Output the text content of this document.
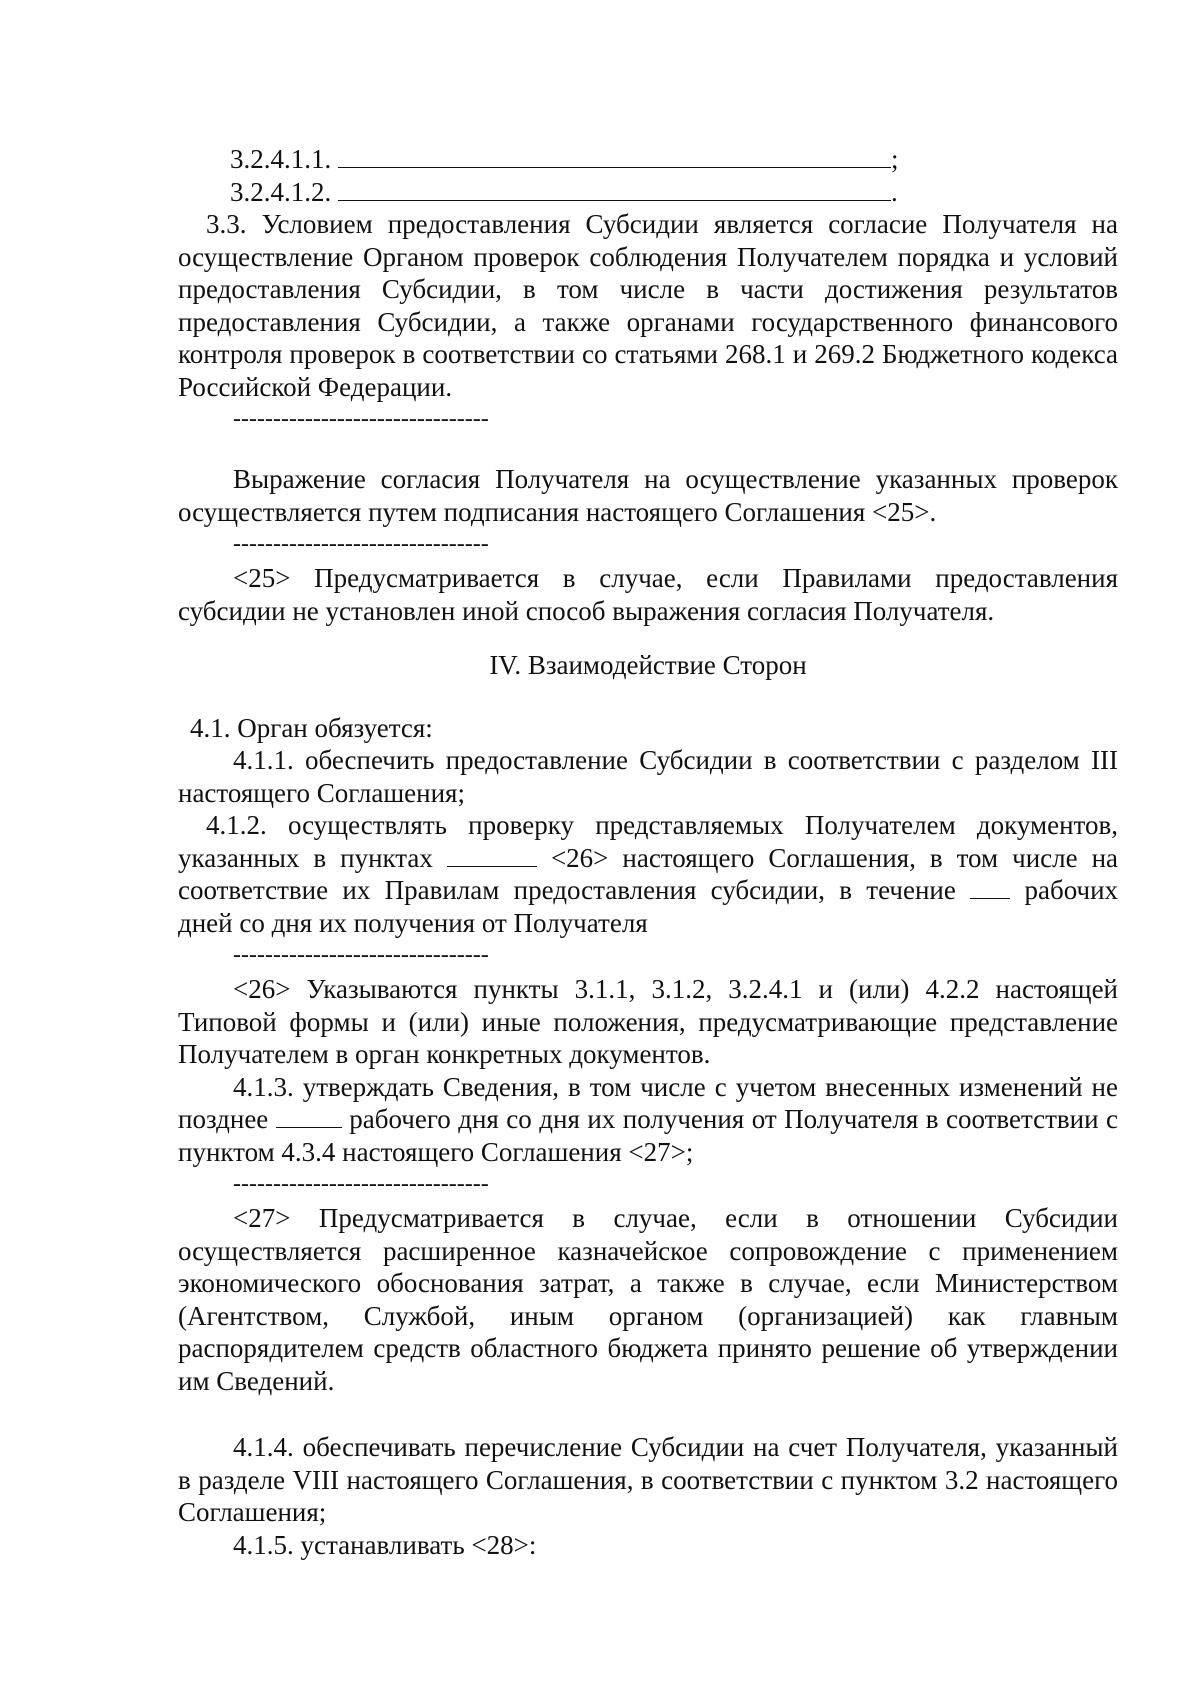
3.2.4.1.1.	;

3.2.4.1.2.	.

3.3. Условием предоставления Субсидии является согласие Получателя на осуществление Органом проверок соблюдения Получателем порядка и условий предоставления Субсидии, в том числе в части достижения результатов предоставления Субсидии, а также органами государственного финансового контроля проверок в соответствии со статьями 268.1 и 269.2 Бюджетного кодекса Российской Федерации.

--------------------------------

Выражение согласия Получателя на осуществление указанных проверок осуществляется путем подписания настоящего Соглашения <25>.

--------------------------------

<25> Предусматривается в случае, если Правилами предоставления субсидии не установлен иной способ выражения согласия Получателя.

IV. Взаимодействие Сторон

4.1. Орган обязуется:

4.1.1. обеспечить предоставление Субсидии в соответствии с разделом III настоящего Соглашения;

4.1.2. осуществлять проверку представляемых Получателем документов, указанных в пунктах	<26> настоящего Соглашения, в том числе на соответствие их Правилам предоставления субсидии, в течение	рабочих дней со дня их получения от Получателя

--------------------------------

<26> Указываются пункты 3.1.1, 3.1.2, 3.2.4.1 и (или) 4.2.2 настоящей Типовой формы и (или) иные положения, предусматривающие представление Получателем в орган конкретных документов.

4.1.3. утверждать Сведения, в том числе с учетом внесенных изменений не позднее	рабочего дня со дня их получения от Получателя в соответствии с пунктом 4.3.4 настоящего Соглашения <27>;

--------------------------------

<27> Предусматривается в случае, если в отношении Субсидии осуществляется расширенное казначейское сопровождение с применением экономического обоснования затрат, а также в случае, если Министерством (Агентством, Службой, иным органом (организацией) как главным распорядителем средств областного бюджета принято решение об утверждении им Сведений.

4.1.4. обеспечивать перечисление Субсидии на счет Получателя, указанный в разделе VIII настоящего Соглашения, в соответствии с пунктом 3.2 настоящего Соглашения;

4.1.5. устанавливать <28>:
